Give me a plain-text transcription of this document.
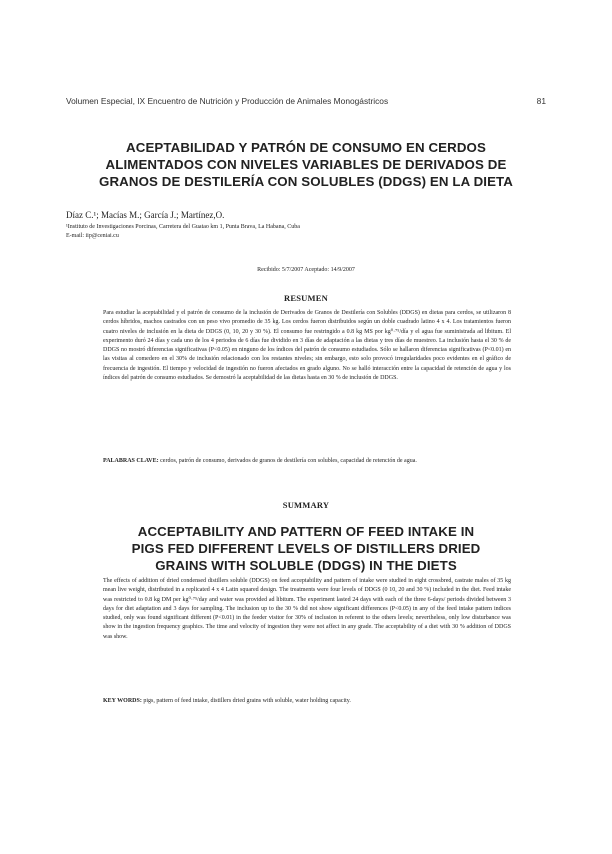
Volumen Especial, IX Encuentro de Nutrición y Producción de Animales Monogástricos	81
ACEPTABILIDAD Y PATRÓN DE CONSUMO EN CERDOS
ALIMENTADOS CON NIVELES VARIABLES DE DERIVADOS DE
GRANOS DE DESTILERÍA CON SOLUBLES (DDGS) EN LA DIETA
Díaz C.¹; Macías M.; García J.; Martínez,O.
¹Instituto de Investigaciones Porcinas, Carretera del Guatao km 1, Punta Brava, La Habana, Cuba
E-mail: iip@ceniai.cu
Recibido: 5/7/2007 Aceptado: 14/9/2007
RESUMEN

Para estudiar la aceptabilidad y el patrón de consumo de la inclusión de Derivados de Granos de Destilería con Solubles (DDGS) en dietas para cerdos, se utilizaron 8 cerdos híbridos, machos castrados con un peso vivo promedio de 35 kg. Los cerdos fueron distribuidos según un doble cuadrado latino 4 x 4. Los tratamientos fueron cuatro niveles de inclusión en la dieta de DDGS (0, 10, 20 y 30 %). El consumo fue restringido a 0.8 kg MS por kg⁰·⁷⁵/día y el agua fue suministrada ad libitum. El experimento duró 24 días y cada uno de los 4 periodos de 6 días fue dividido en 3 días de adaptación a las dietas y tres días de muestreo. La inclusión hasta el 30 % de DDGS no mostró diferencias significativas (P<0.05) en ninguno de los índices del patrón de consumo estudiados. Sólo se hallaron diferencias significativas (P<0.01) en las visitas al comedero en el 30% de inclusión relacionado con los restantes niveles; sin embargo, esto solo provocó irregularidades poco evidentes en el gráfico de frecuencia de ingestión. El tiempo y velocidad de ingestión no fueron afectados en grado alguno. No se halló interacción entre la capacidad de retención de agua y los índices del patrón de consumo estudiados. Se demostró la aceptabilidad de las dietas hasta en 30 % de inclusión de DDGS.

PALABRAS CLAVE: cerdos, patrón de consumo, derivados de granos de destilería con solubles, capacidad de retención de agua.
SUMMARY
ACCEPTABILITY AND PATTERN OF FEED INTAKE IN
PIGS FED DIFFERENT LEVELS OF DISTILLERS DRIED
GRAINS WITH SOLUBLE (DDGS) IN THE DIETS

The effects of addition of dried condensed distillers soluble (DDGS) on feed acceptability and pattern of intake were studied in eight crossbred, castrate males of 35 kg mean live weight, distributed in a replicated 4 x 4 Latin squared design. The treatments were four levels of DDGS (0 10, 20 and 30 %) included in the diet. Feed intake was restricted to 0.8 kg DM per kg⁰·⁷⁵/day and water was provided ad libitum. The experiment lasted 24 days with each of the three 6-days/ periods divided between 3 days for diet adaptation and 3 days for sampling. The inclusion up to the 30 % did not show significant differences (P<0.05) in any of the feed intake pattern indices studied, only was found significant different (P<0.01) in the feeder visitor for 30% of inclusion in referent to the others levels; nevertheless, only low disturbance was show in the ingestion frequency graphics. The time and velocity of ingestion they were not affect in any grade. The acceptability of a diet with 30 % addition of DDGS was show.

KEY WORDS: pigs, pattern of feed intake, distillers dried grains with soluble, water holding capacity.
